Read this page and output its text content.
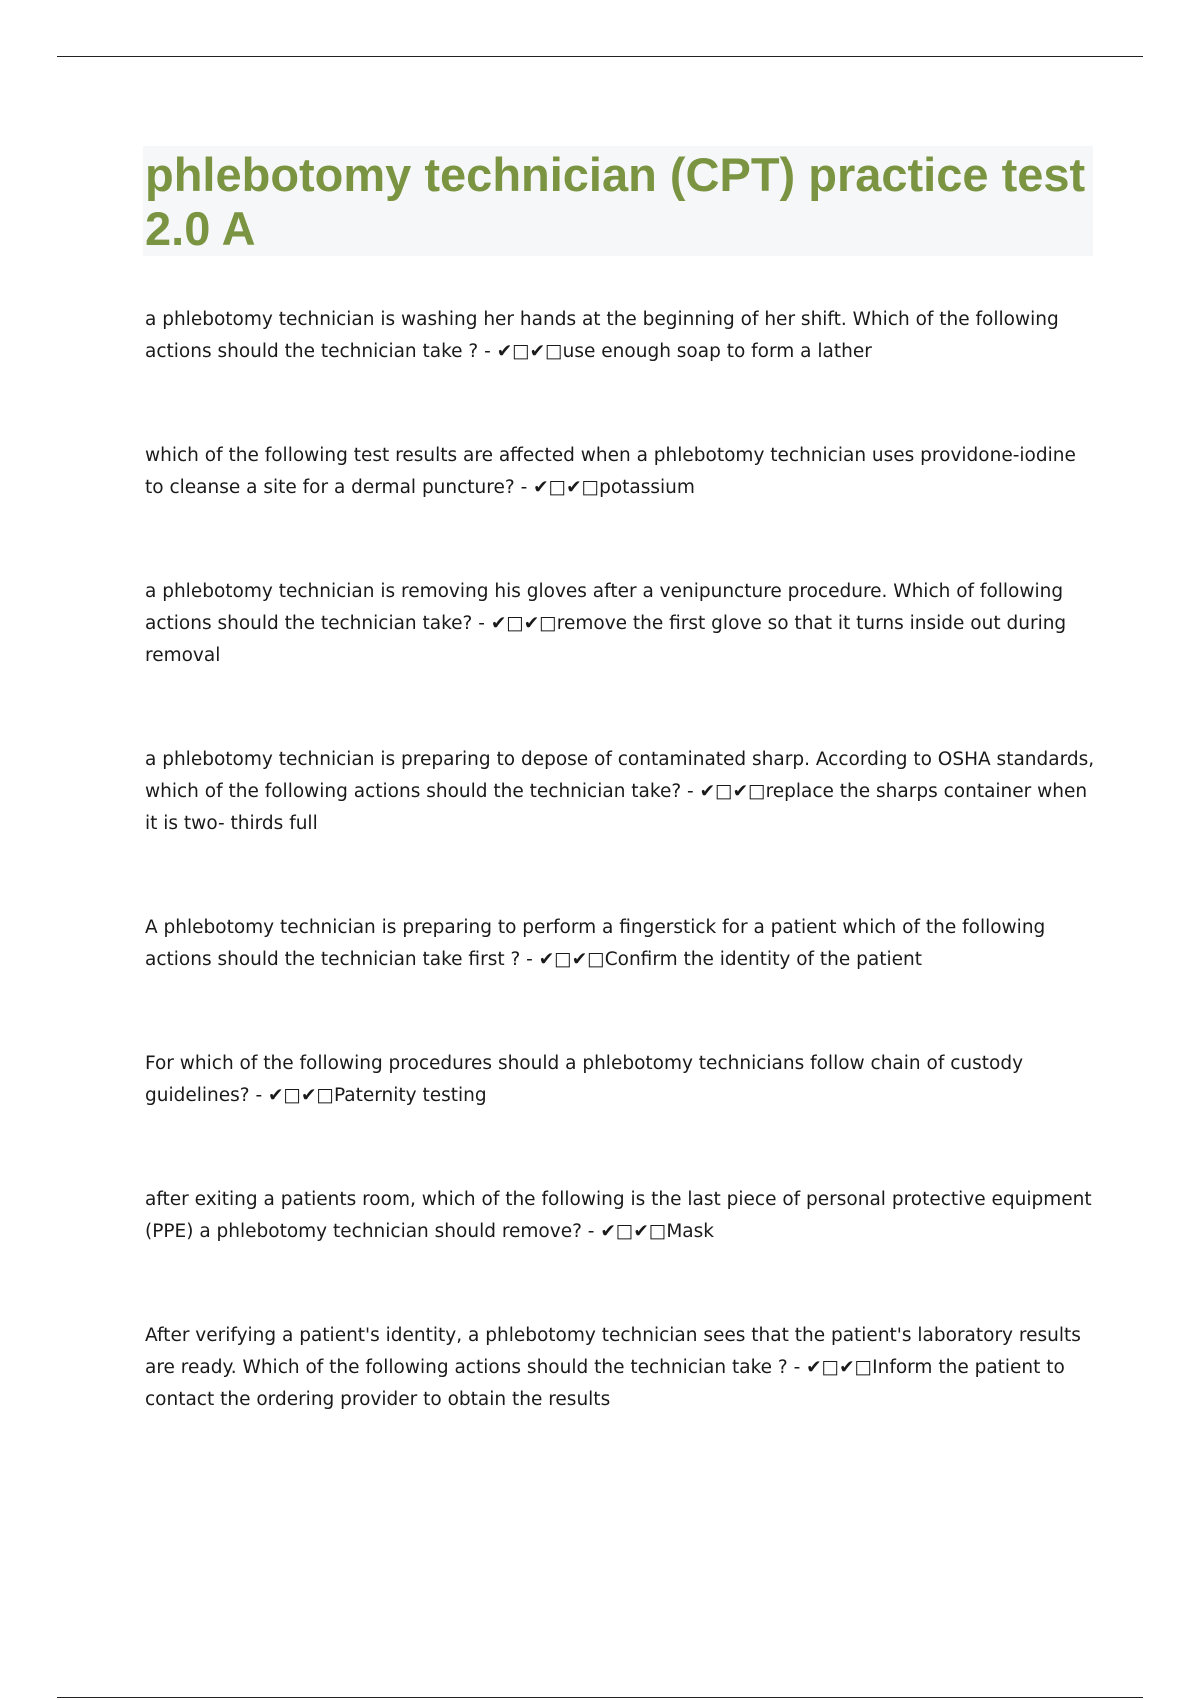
phlebotomy technician (CPT) practice test 2.0 A

a phlebotomy technician is washing her hands at the beginning of her shift. Which of the following actions should the technician take ? - ✔□✔□use enough soap to form a lather

which of the following test results are affected when a phlebotomy technician uses providone-iodine to cleanse a site for a dermal puncture? - ✔□✔□potassium

a phlebotomy technician is removing his gloves after a venipuncture procedure. Which of following actions should the technician take? - ✔□✔□remove the first glove so that it turns inside out during removal

a phlebotomy technician is preparing to depose of contaminated sharp. According to OSHA standards, which of the following actions should the technician take? - ✔□✔□replace the sharps container when it is two- thirds full

A phlebotomy technician is preparing to perform a fingerstick for a patient which of the following actions should the technician take first ? - ✔□✔□Confirm the identity of the patient

For which of the following procedures should a phlebotomy technicians follow chain of custody guidelines? - ✔□✔□Paternity testing

after exiting a patients room, which of the following is the last piece of personal protective equipment (PPE) a phlebotomy technician should remove? - ✔□✔□Mask

After verifying a patient's identity, a phlebotomy technician sees that the patient's laboratory results are ready. Which of the following actions should the technician take ? - ✔□✔□Inform the patient to contact the ordering provider to obtain the results
